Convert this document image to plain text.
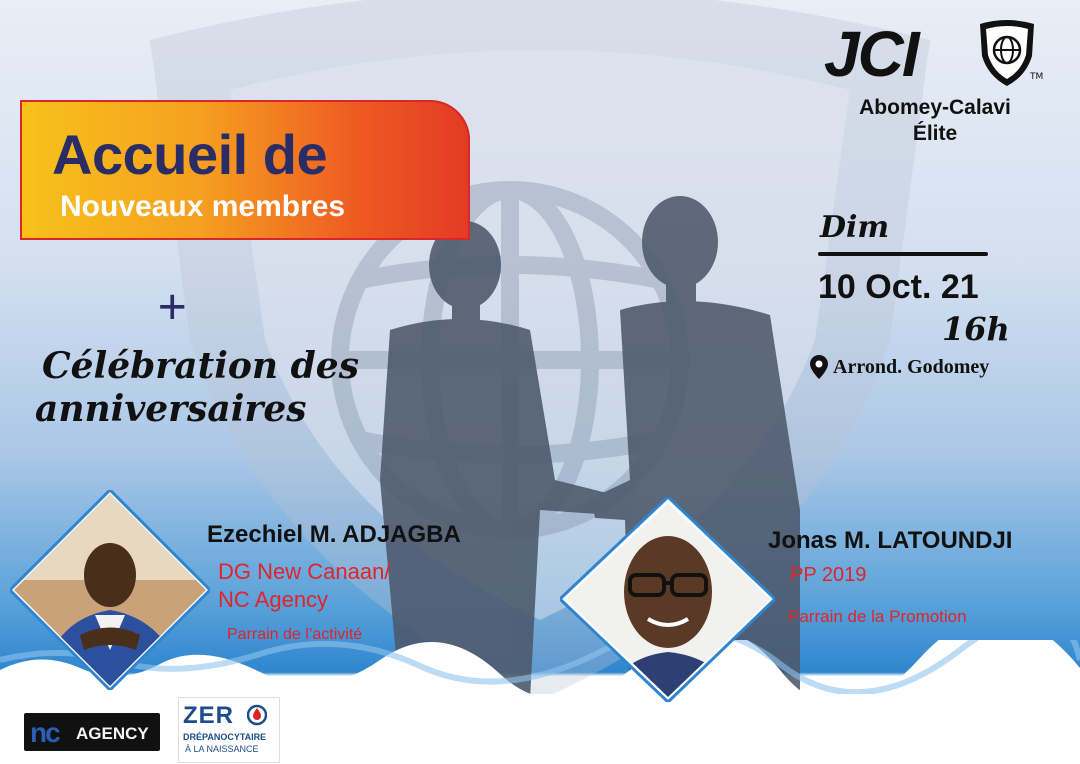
Accueil de
Nouveaux membres
+
Célébration des
anniversaires
JCI	TM
Abomey-Calavi
Élite
Dim
10 Oct. 21
16h
Arrond. Godomey
Ezechiel M. ADJAGBA
DG New Canaan/
NC Agency
Parrain de l’activité
Jonas M. LATOUNDJI
PP 2019
Parrain de la Promotion
nc AGENCY
ZER
DRÉPANOCYTAIRE
À LA NAISSANCE
